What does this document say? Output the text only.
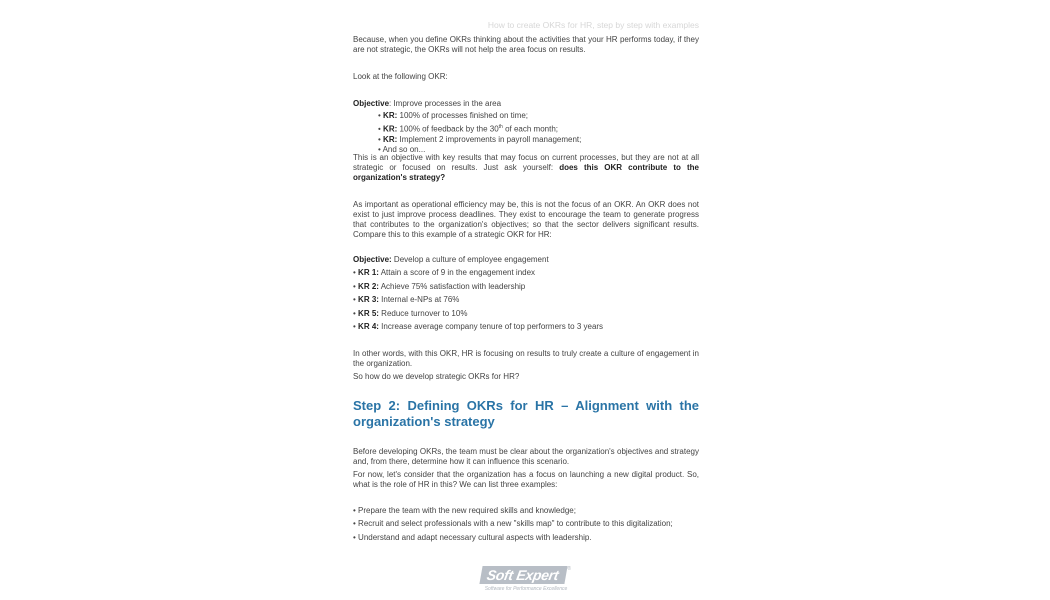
How to create OKRs for HR, step by step with examples
Because, when you define OKRs thinking about the activities that your HR performs today, if they are not strategic, the OKRs will not help the area focus on results.
Look at the following OKR:
Objective: Improve processes in the area
• KR: 100% of processes finished on time;
• KR: 100% of feedback by the 30th of each month;
• KR: Implement 2 improvements in payroll management;
• And so on...
This is an objective with key results that may focus on current processes, but they are not at all strategic or focused on results. Just ask yourself: does this OKR contribute to the organization's strategy?
As important as operational efficiency may be, this is not the focus of an OKR. An OKR does not exist to just improve process deadlines. They exist to encourage the team to generate progress that contributes to the organization's objectives; so that the sector delivers significant results. Compare this to this example of a strategic OKR for HR:
Objective: Develop a culture of employee engagement
• KR 1: Attain a score of 9 in the engagement index
• KR 2: Achieve 75% satisfaction with leadership
• KR 3: Internal e-NPs at 76%
• KR 5: Reduce turnover to 10%
• KR 4: Increase average company tenure of top performers to 3 years
In other words, with this OKR, HR is focusing on results to truly create a culture of engagement in the organization.
So how do we develop strategic OKRs for HR?
Step 2: Defining OKRs for HR – Alignment with the organization's strategy
Before developing OKRs, the team must be clear about the organization's objectives and strategy and, from there, determine how it can influence this scenario.
For now, let's consider that the organization has a focus on launching a new digital product. So, what is the role of HR in this? We can list three examples:
• Prepare the team with the new required skills and knowledge;
• Recruit and select professionals with a new "skills map" to contribute to this digitalization;
• Understand and adapt necessary cultural aspects with leadership.
Soft Expert ®
Software for Performance Excellence
